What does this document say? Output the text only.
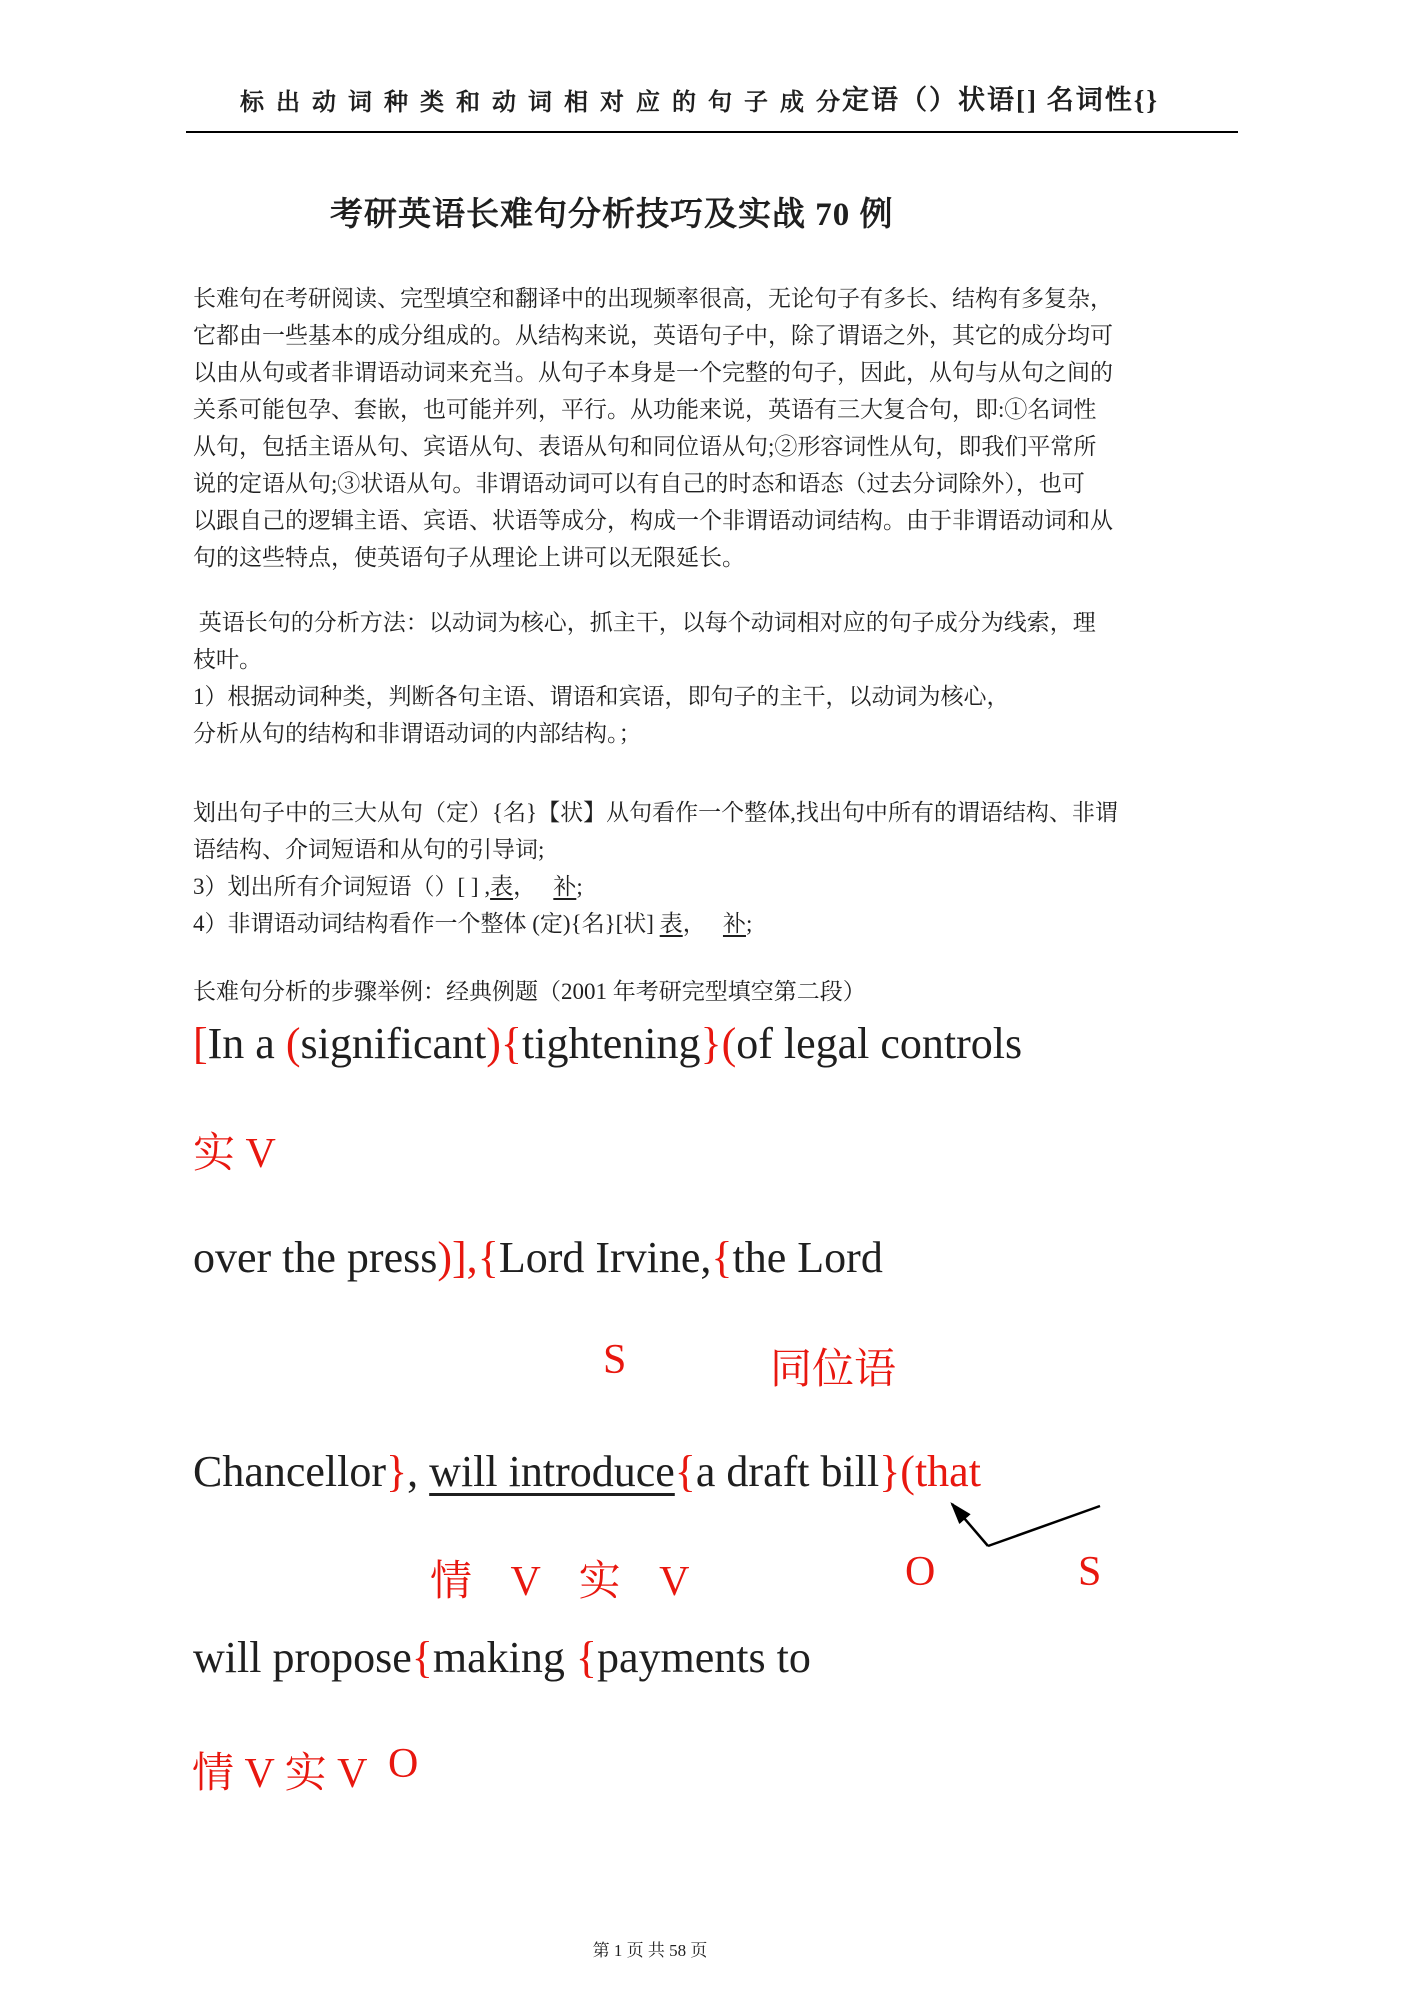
标出动词种类和动词相对应的句子成分
定语（）状语[] 名词性{}
考研英语长难句分析技巧及实战 70 例
长难句在考研阅读、完型填空和翻译中的出现频率很高，无论句子有多长、结构有多复杂，
它都由一些基本的成分组成的。从结构来说，英语句子中，除了谓语之外，其它的成分均可
以由从句或者非谓语动词来充当。从句子本身是一个完整的句子，因此，从句与从句之间的
关系可能包孕、套嵌，也可能并列，平行。从功能来说，英语有三大复合句，即:①名词性
从句，包括主语从句、宾语从句、表语从句和同位语从句;②形容词性从句，即我们平常所
说的定语从句;③状语从句。非谓语动词可以有自己的时态和语态（过去分词除外），也可
以跟自己的逻辑主语、宾语、状语等成分，构成一个非谓语动词结构。由于非谓语动词和从
句的这些特点，使英语句子从理论上讲可以无限延长。
英语长句的分析方法：以动词为核心，抓主干，以每个动词相对应的句子成分为线索，理
枝叶。
1）根据动词种类，判断各句主语、谓语和宾语，即句子的主干，以动词为核心，
分析从句的结构和非谓语动词的内部结构。；
划出句子中的三大从句（定）{名}【状】从句看作一个整体,找出句中所有的谓语结构、非谓
语结构、介词短语和从句的引导词;
3）划出所有介词短语（）[ ] ,表，　 补;
4）非谓语动词结构看作一个整体 (定){名}[状] 表，　 补;
长难句分析的步骤举例：经典例题（2001 年考研完型填空第二段）
[In a (significant){tightening}(of legal controls
实 V
over the press)],{Lord Irvine,{the Lord
S	同位语
Chancellor}, will introduce{a draft bill}(that
情 V 实 V	O	S
will propose{making {payments to
情 V 实 V O
第 1 页 共 58 页
